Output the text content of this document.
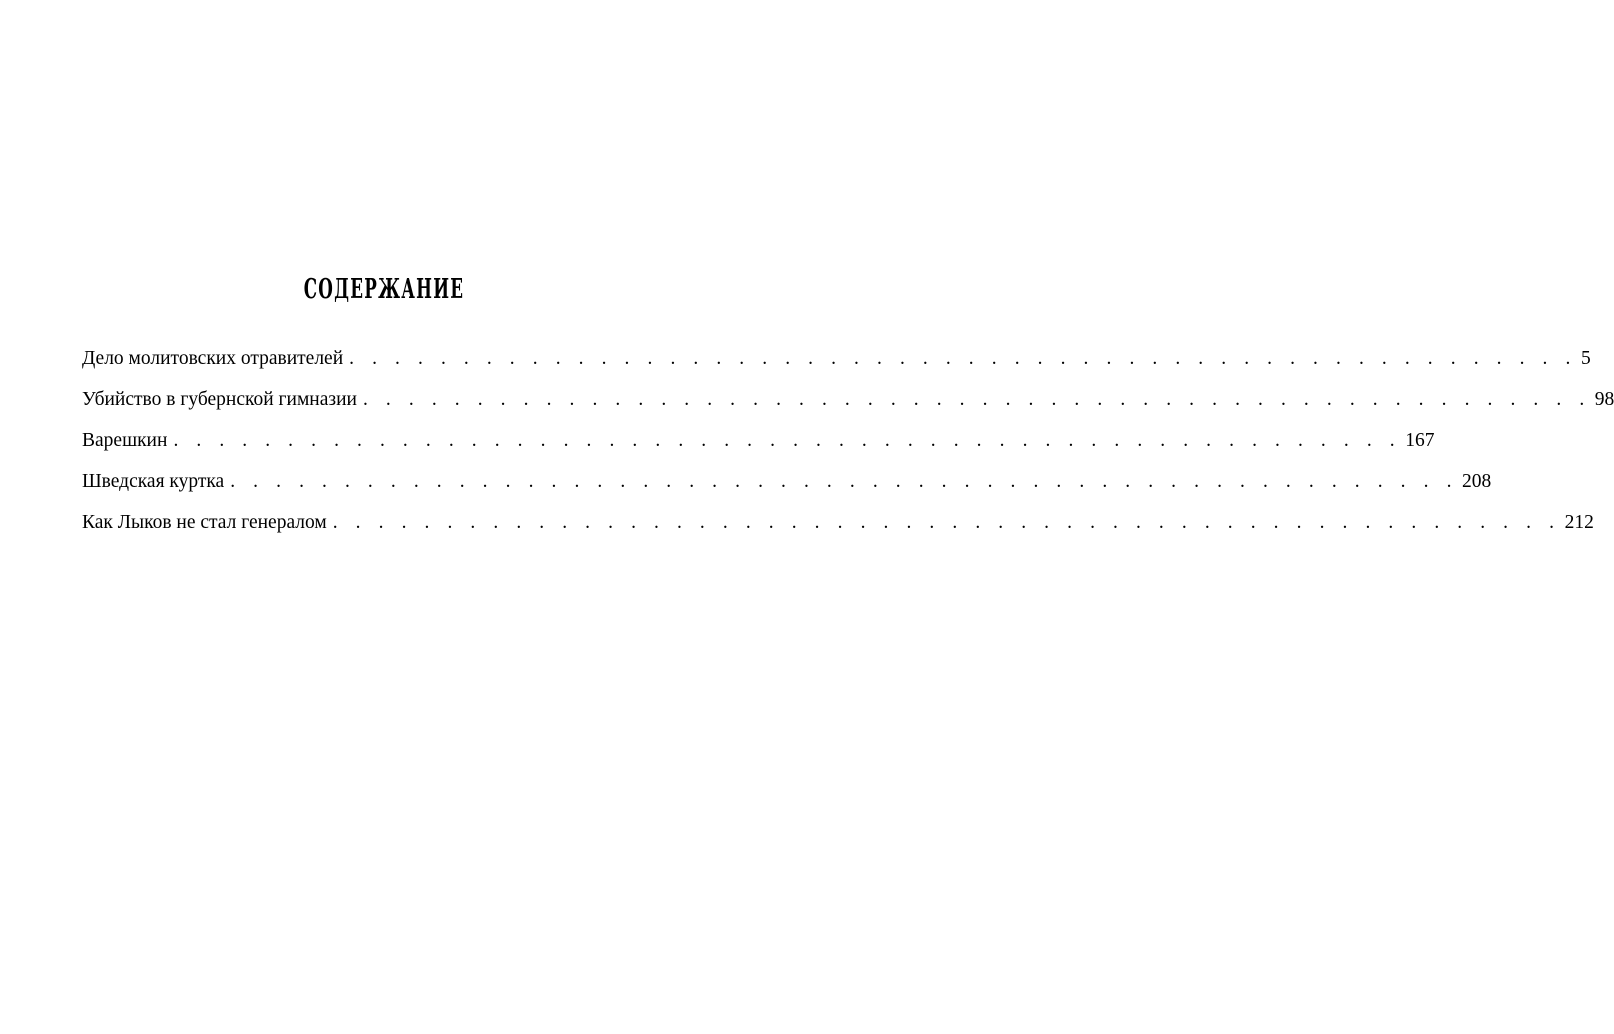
СОДЕРЖАНИЕ
Дело молитовских отравителей . . . . . . . . . . . . . . . . . . . . . . . . . . . . . . . . . . . . . . . . . . . . . . . . . . . . . . 5
Убийство в губернской гимназии . . . . . . . . . . . . . . . . . . . . . . . . . . . . . . . . . . . . . . . . . . . . . . . . . . . . . . 98
Варешкин . . . . . . . . . . . . . . . . . . . . . . . . . . . . . . . . . . . . . . . . . . . . . . . . . . . . . . 167
Шведская куртка . . . . . . . . . . . . . . . . . . . . . . . . . . . . . . . . . . . . . . . . . . . . . . . . . . . . . . 208
Как Лыков не стал генералом . . . . . . . . . . . . . . . . . . . . . . . . . . . . . . . . . . . . . . . . . . . . . . . . . . . . . . 212
